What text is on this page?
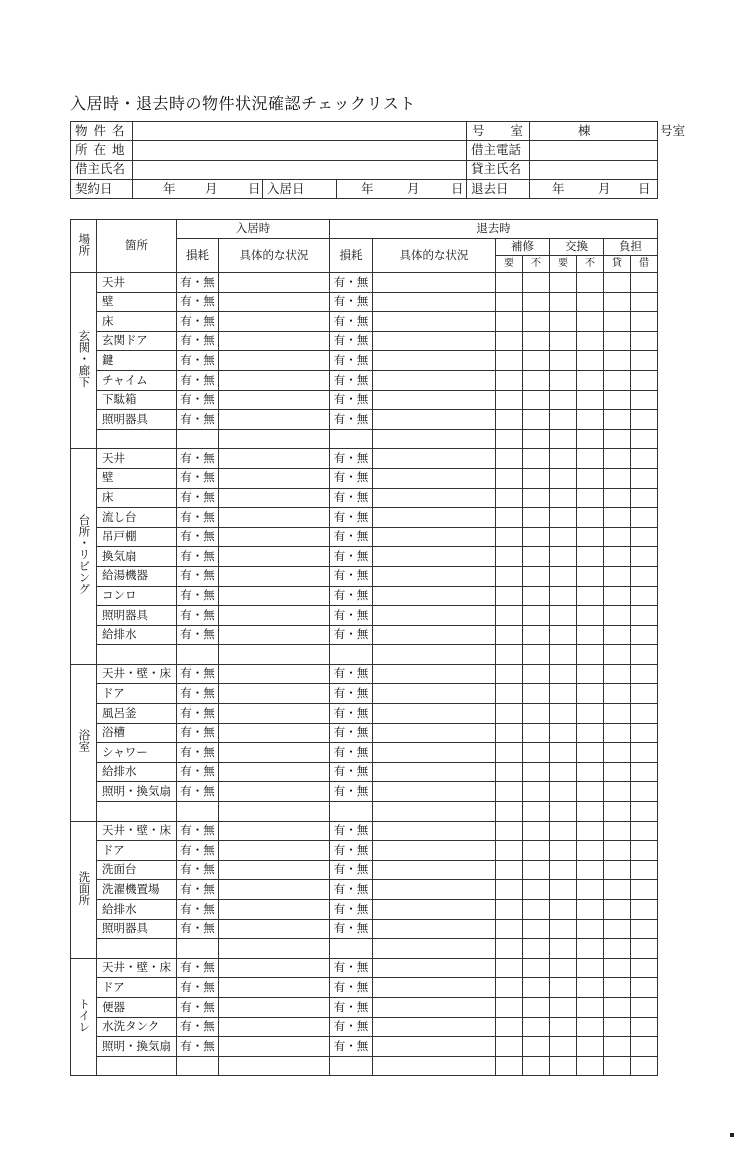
入居時・退去時の物件状況確認チェックリスト
物件名				号 室	棟 号室

所在地				借主電話	
借主氏名				貸主氏名	
契約日	年 月 日	入居日	年 月 日	退去日	年 月 日
場所	箇所	入居時		退去時							
		損耗	具体的な状況	損耗	具体的な状況	補修		交換		負担	
						要	不	要	不	貸	借
玄関・廊下	天井	有・無		有・無							
	壁	有・無		有・無							
	床	有・無		有・無							
	玄関ドア	有・無		有・無							
	鍵	有・無		有・無							
	チャイム	有・無		有・無							
	下駄箱	有・無		有・無							
	照明器具	有・無		有・無							

台所・リビング	天井	有・無		有・無							
	壁	有・無		有・無							
	床	有・無		有・無							
	流し台	有・無		有・無							
	吊戸棚	有・無		有・無							
	換気扇	有・無		有・無							
	給湯機器	有・無		有・無							
	コンロ	有・無		有・無							
	照明器具	有・無		有・無							
	給排水	有・無		有・無							

浴室	天井・壁・床	有・無		有・無							
	ドア	有・無		有・無							
	風呂釜	有・無		有・無							
	浴槽	有・無		有・無							
	シャワー	有・無		有・無							
	給排水	有・無		有・無							
	照明・換気扇	有・無		有・無							

洗面所	天井・壁・床	有・無		有・無							
	ドア	有・無		有・無							
	洗面台	有・無		有・無							
	洗濯機置場	有・無		有・無							
	給排水	有・無		有・無							
	照明器具	有・無		有・無							

トイレ	天井・壁・床	有・無		有・無							
	ドア	有・無		有・無							
	便器	有・無		有・無							
	水洗タンク	有・無		有・無							
	照明・換気扇	有・無		有・無							
